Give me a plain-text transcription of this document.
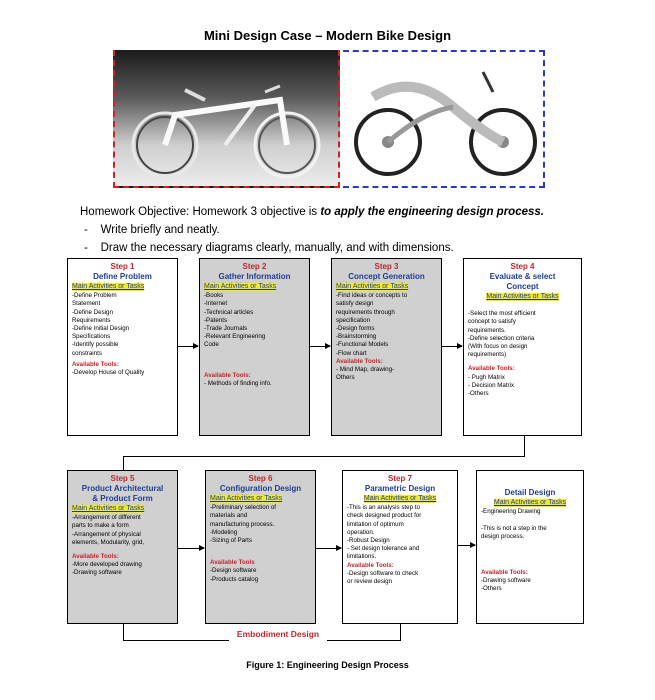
Mini Design Case – Modern Bike Design
Homework Objective: Homework 3 objective is to apply the engineering design process.
-    Write briefly and neatly.
-    Draw the necessary diagrams clearly, manually, and with dimensions.
Step 1
Define Problem
Main Activities or Tasks
-Define Problem
Statement
-Define Design
Requirements
-Define Initial Design
Specifications
-Identify possible
constraints
Available Tools:
-Develop House of Quality
Step 2
Gather Information
Main Activities or Tasks
-Books
-Internet
-Technical articles
-Patents
-Trade Journals
-Relevant Engineering
Code
Available Tools:
- Methods of finding info.
Step 3
Concept Generation
Main Activities or Tasks
-Find ideas or concepts to
satisfy design
requirements through
specification
-Design forms
-Brainstorming
-Functional Models
-Flow chart
Available Tools:
- Mind Map, drawing-
Others
Step 4
Evaluate & select
Concept
Main Activities or Tasks
-Select the most efficient
concept to satisfy
requirements.
-Define selection criteria
(With focus on design
requirements)
Available Tools:
- Pugh Matrix
- Decision Matrix
-Others
Step 5
Product Architectural
& Product Form
Main Activities or Tasks
-Arrangement of different
parts to make a form
-Arrangement of physical
elements, Modularity, grid,
Available Tools:
-More developed drawing
-Drawing software
Step 6
Configuration Design
Main Activities or Tasks
-Preliminary selection of
materials and
manufacturing process.
-Modeling
-Sizing of Parts
Available Tools
-Design software
-Products catalog
Step 7
Parametric Design
Main Activities or Tasks
-This is an analysis step to
check designed product for
limitation of optimum
operation.
-Robust Design
- Set design tolerance and
limitations.
Available Tools:
-Design software to check
or review design
Detail Design
Main Activities or Tasks
-Engineering Drawing

-This is not a step in the
design process.
Available Tools:
-Drawing software
-Others
Embodiment Design
Figure 1: Engineering Design Process
